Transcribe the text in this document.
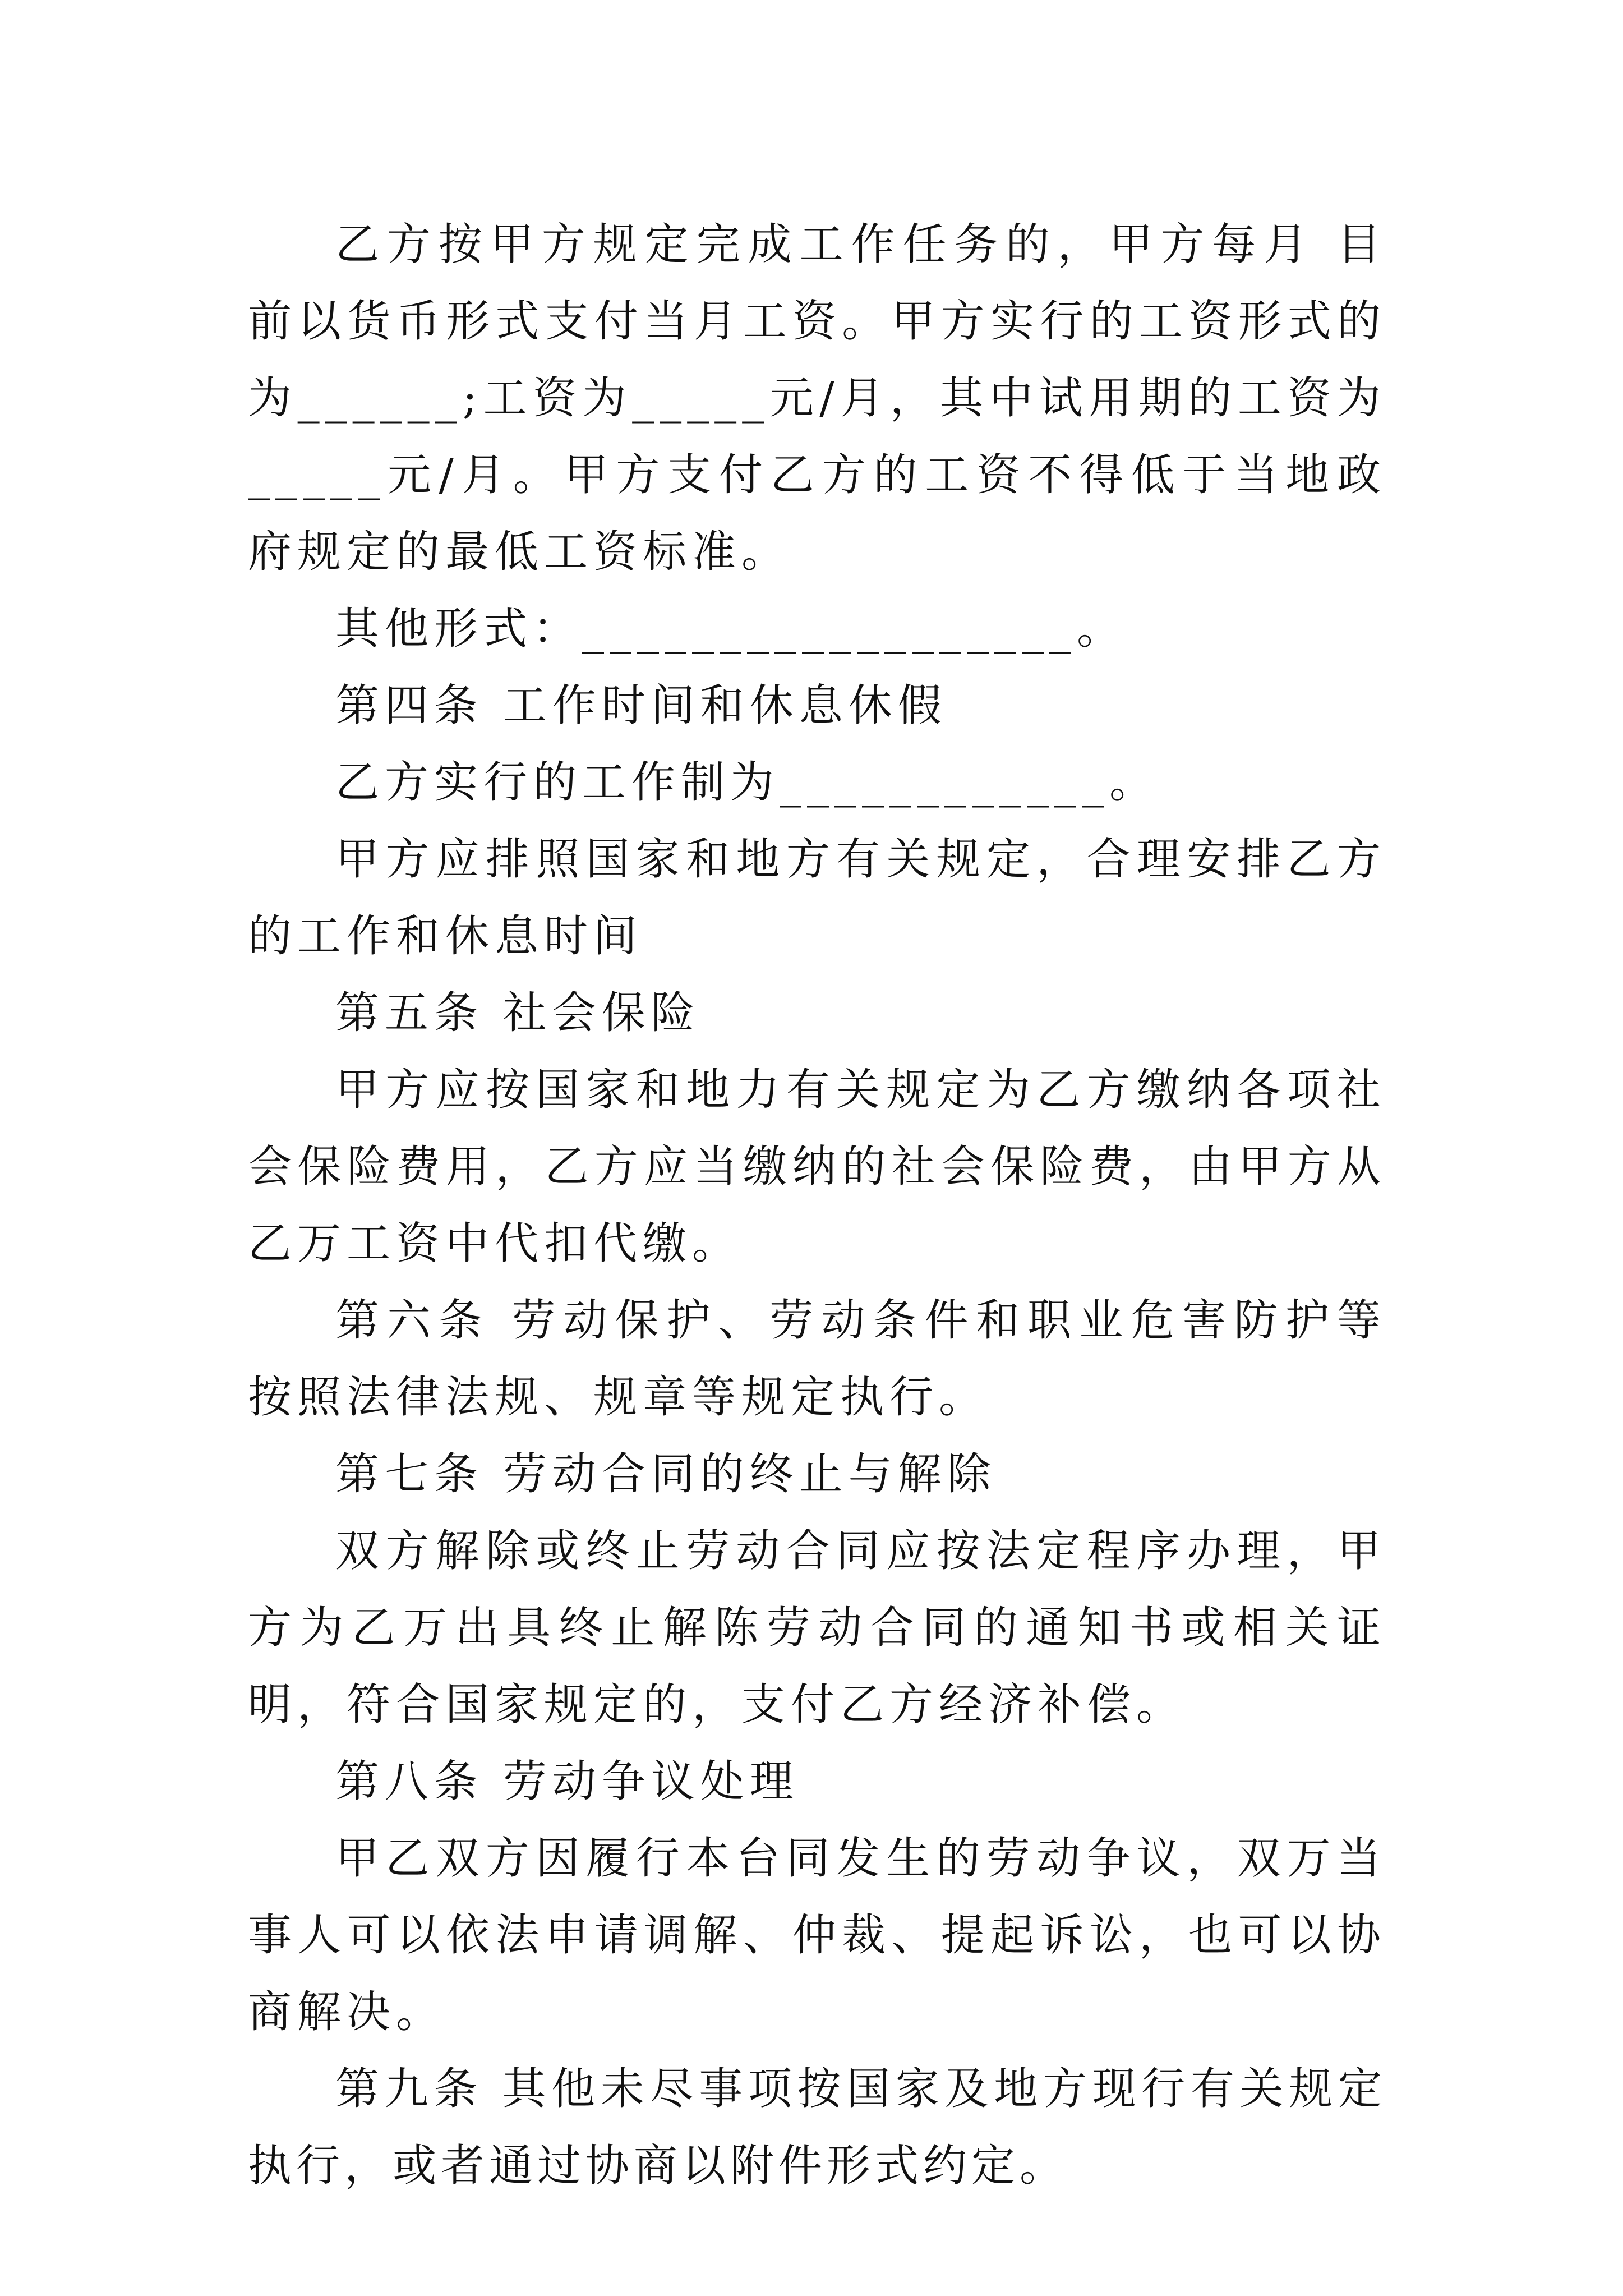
乙方按甲方规定完成工作任务的，甲方每月 目前以货币形式支付当月工资。甲方实行的工资形式的为______;工资为_____元/月，其中试用期的工资为_____元/月。甲方支付乙方的工资不得低于当地政府规定的最低工资标准。

其他形式：__________________。

第四条 工作时间和休息休假

乙方实行的工作制为____________。

甲方应排照国家和地方有关规定，合理安排乙方的工作和休息时间

第五条 社会保险

甲方应按国家和地力有关规定为乙方缴纳各项社会保险费用，乙方应当缴纳的社会保险费，由甲方从乙万工资中代扣代缴。

第六条 劳动保护、劳动条件和职业危害防护等按照法律法规、规章等规定执行。

第七条 劳动合同的终止与解除

双方解除或终止劳动合同应按法定程序办理，甲方为乙万出具终止解陈劳动合同的通知书或相关证明，符合国家规定的，支付乙方经济补偿。

第八条 劳动争议处理

甲乙双方因履行本台同发生的劳动争议，双万当事人可以依法申请调解、仲裁、提起诉讼，也可以协商解决。

第九条 其他未尽事项按国家及地方现行有关规定执行，或者通过协商以附件形式约定。
